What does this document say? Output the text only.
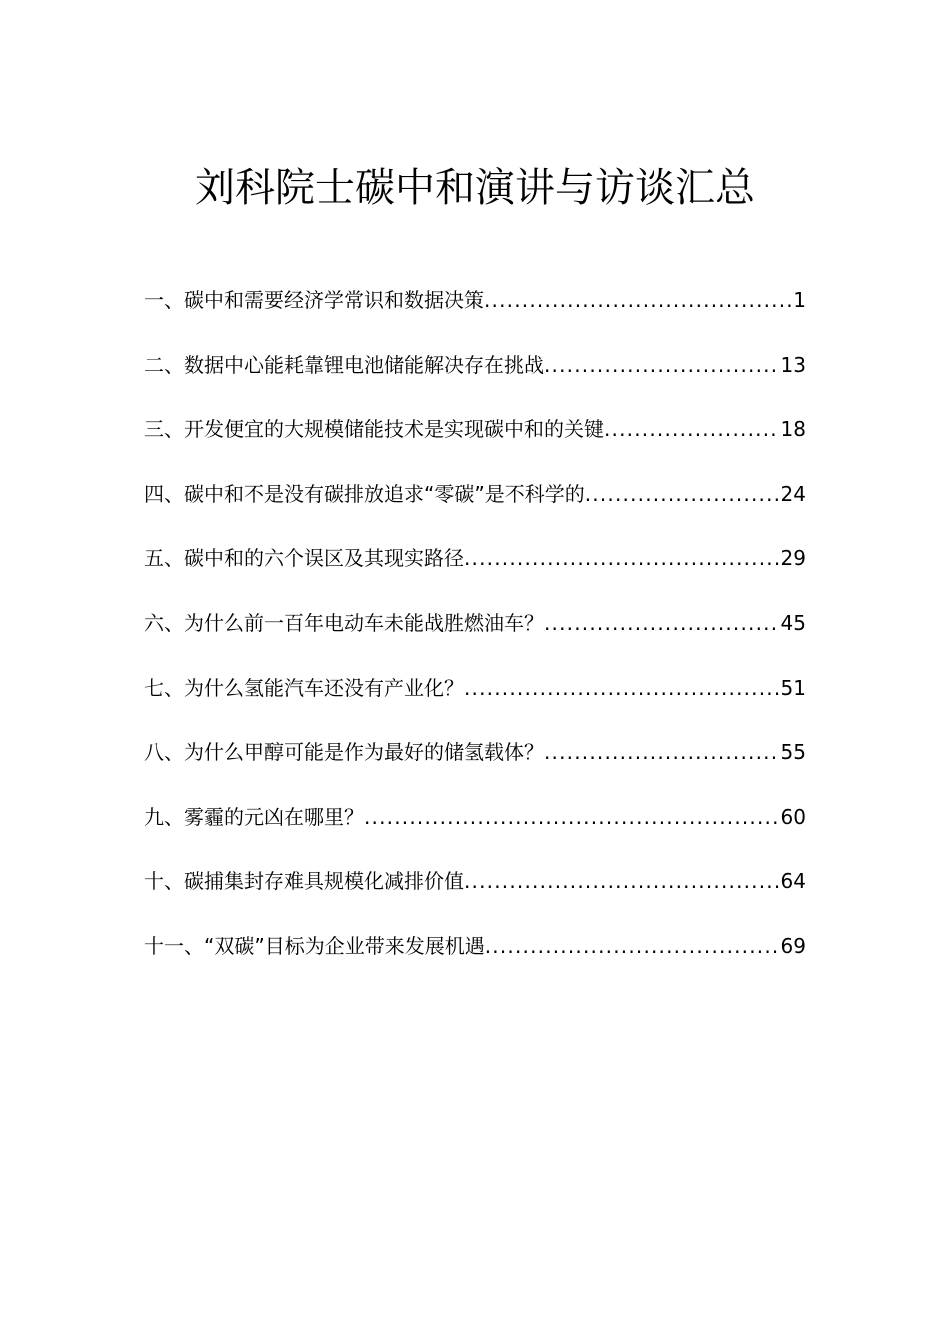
刘科院士碳中和演讲与访谈汇总
一、碳中和需要经济学常识和数据决策 .....	1
二、数据中心能耗靠锂电池储能解决存在挑战 .....	13
三、开发便宜的大规模储能技术是实现碳中和的关键 .....	18
四、碳中和不是没有碳排放追求“零碳”是不科学的 .....	24
五、碳中和的六个误区及其现实路径 .....	29
六、为什么前一百年电动车未能战胜燃油车？ .....	45
七、为什么氢能汽车还没有产业化？ .....	51
八、为什么甲醇可能是作为最好的储氢载体？ .....	55
九、雾霾的元凶在哪里？ .....	60
十、碳捕集封存难具规模化减排价值 .....	64
十一、“双碳”目标为企业带来发展机遇 .....	69
